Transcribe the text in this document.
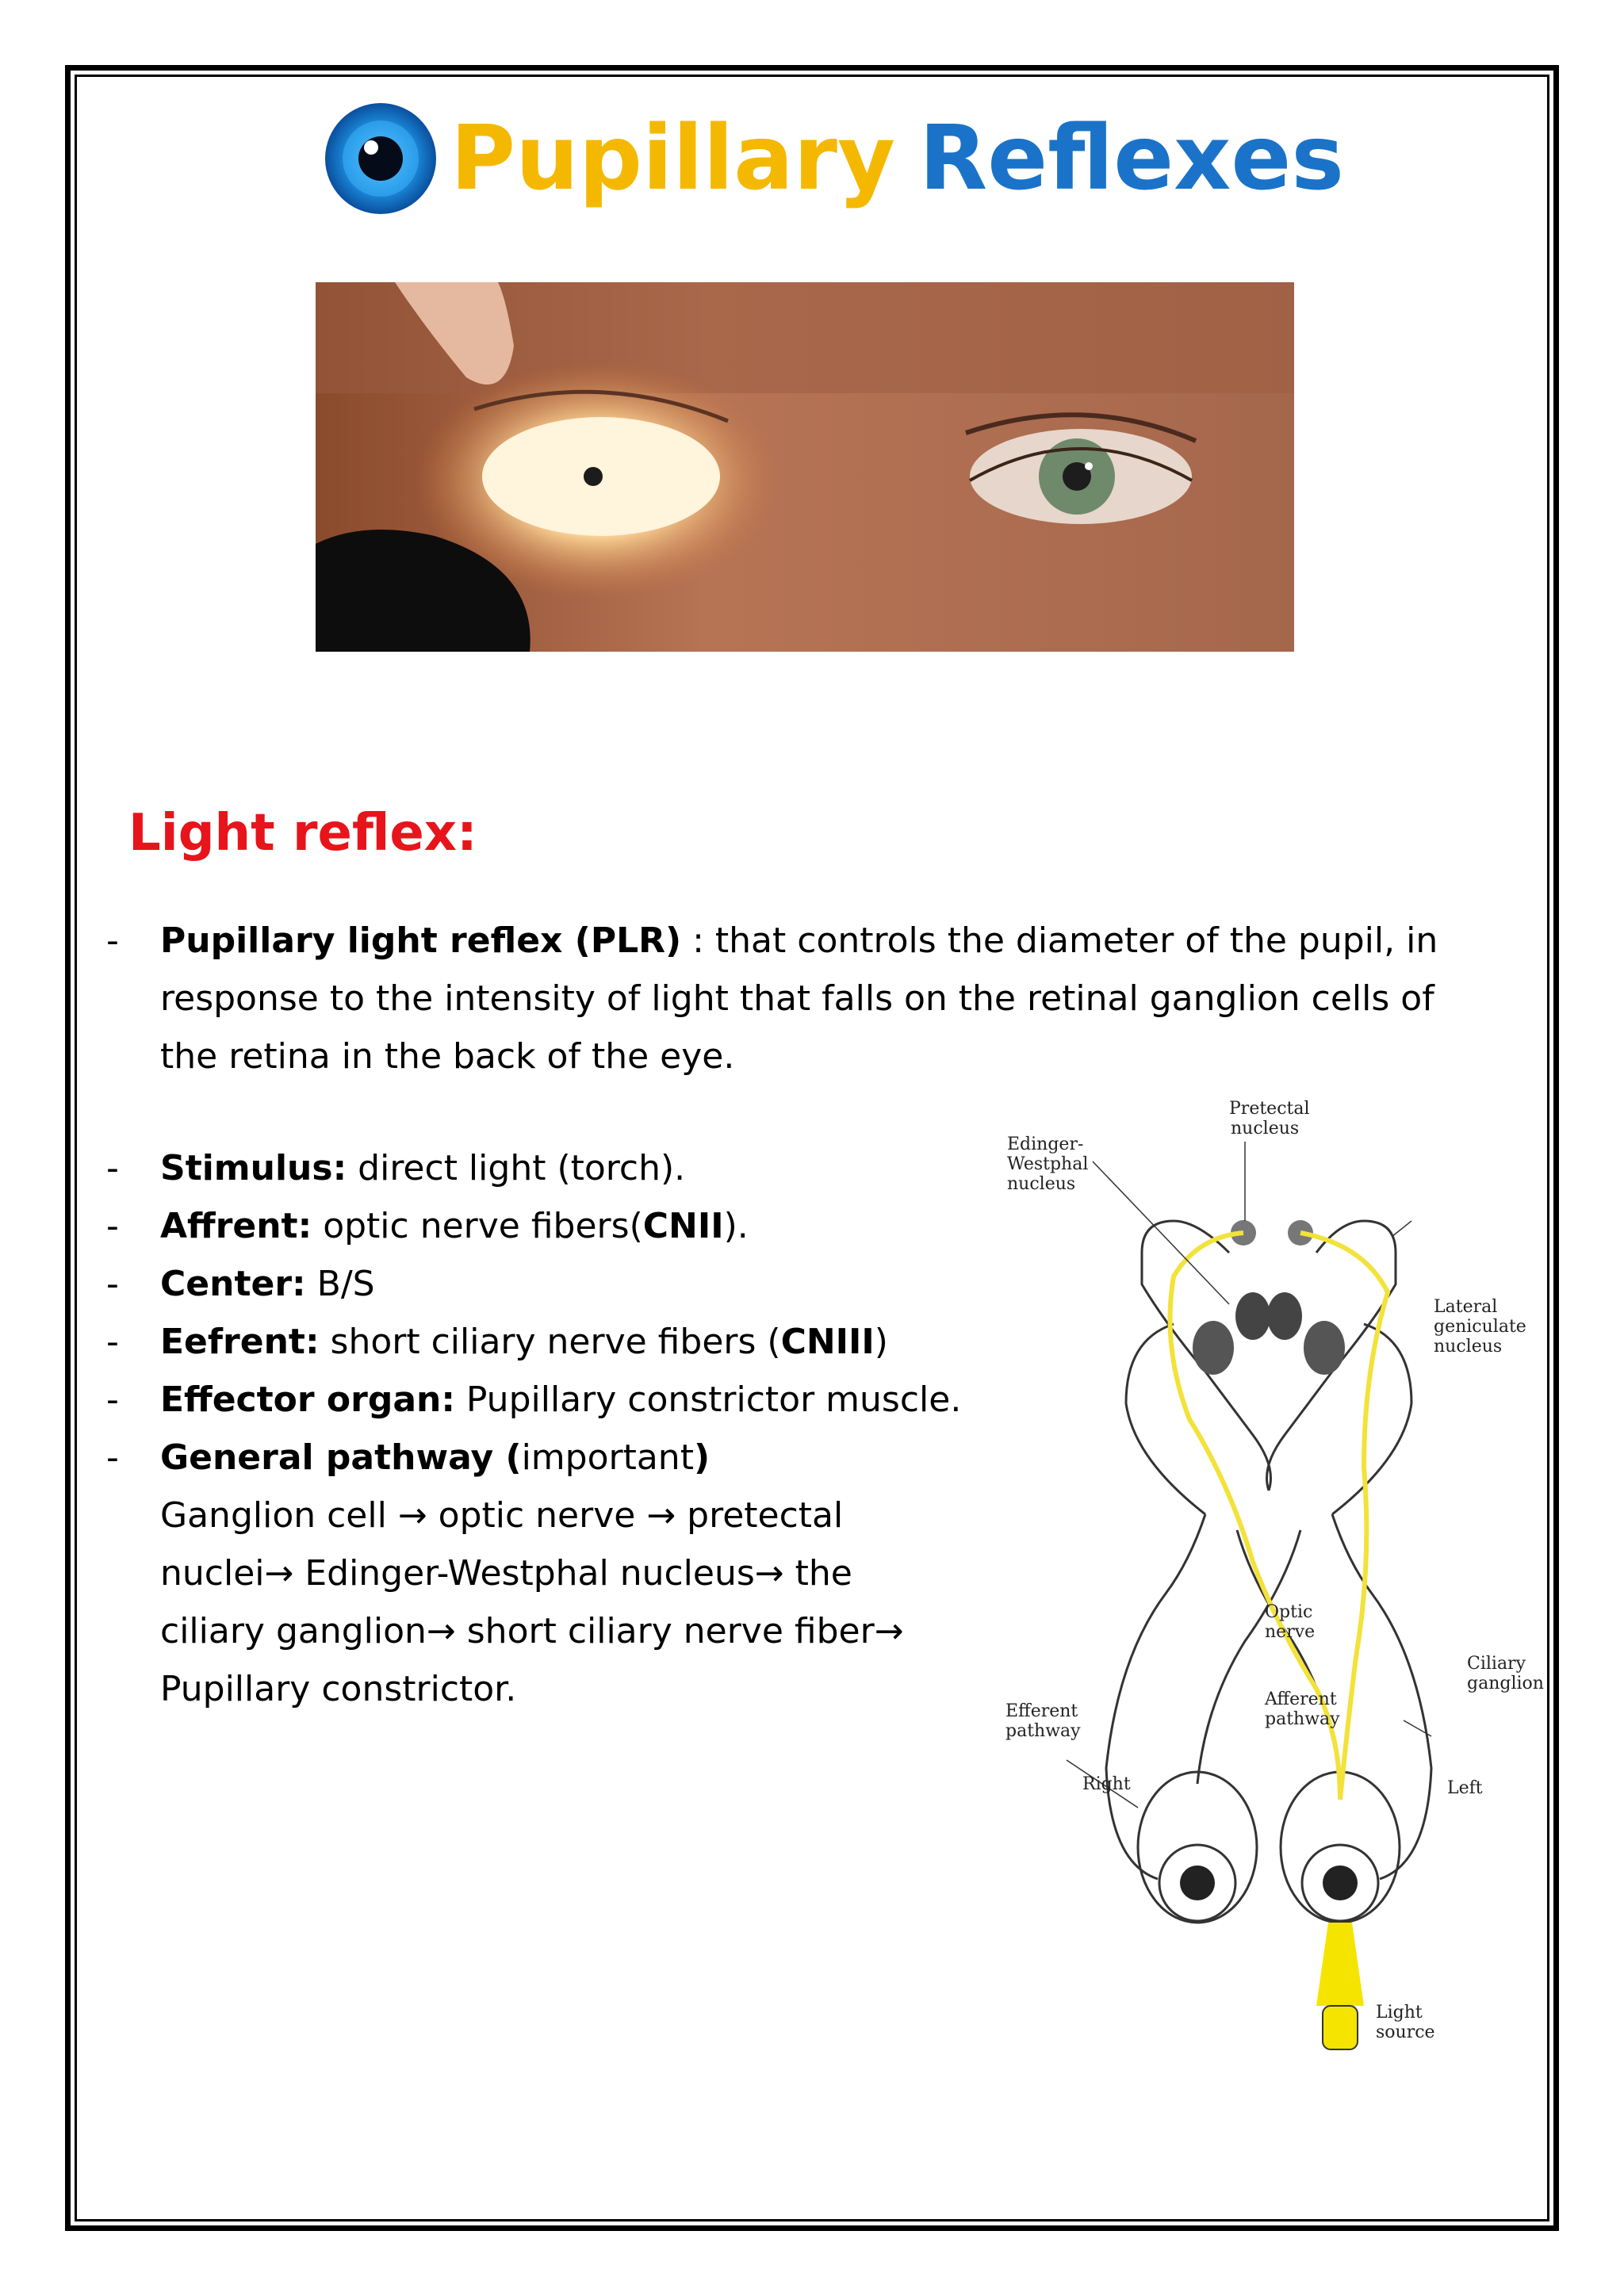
Pupillary Reflexes
Light reflex:
- Pupillary light reflex (PLR) : that controls the diameter of the pupil, in
response to the intensity of light that falls on the retinal ganglion cells of
the retina in the back of the eye.
- Stimulus: direct light (torch).
- Affrent: optic nerve fibers(CNII).
- Center: B/S
- Eefrent: short ciliary nerve fibers (CNIII)
- Effector organ: Pupillary constrictor muscle.
- General pathway (important)
Ganglion cell → optic nerve → pretectal
nuclei→ Edinger-Westphal nucleus→ the
ciliary ganglion→ short ciliary nerve fiber→
Pupillary constrictor.
Pretectal
nucleus
Edinger-
Westphal
nucleus
Lateral
geniculate
nucleus
Optic
nerve
Ciliary
ganglion
Efferent
pathway
Afferent
pathway
Right	Left
Light
source
